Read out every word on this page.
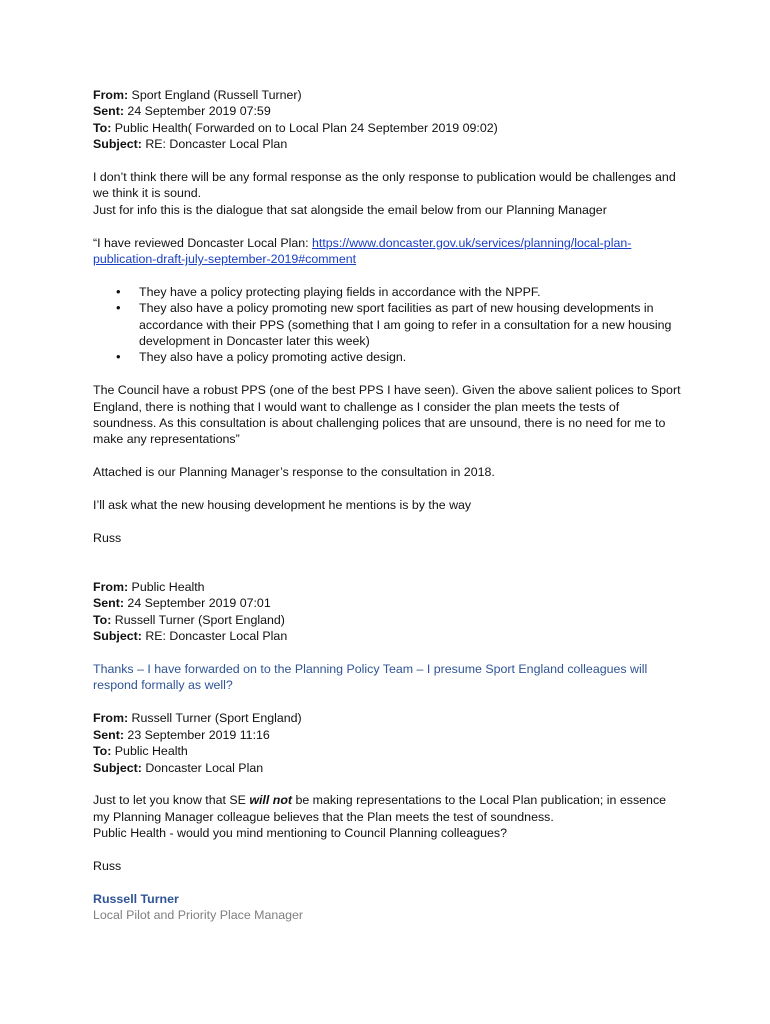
From: Sport England (Russell Turner)
Sent: 24 September 2019 07:59
To: Public Health( Forwarded on to Local Plan 24 September 2019 09:02)
Subject: RE: Doncaster Local Plan

I don’t think there will be any formal response as the only response to publication would be challenges and we think it is sound.

Just for info this is the dialogue that sat alongside the email below from our Planning Manager

“I have reviewed Doncaster Local Plan: https://www.doncaster.gov.uk/services/planning/local-plan-publication-draft-july-september-2019#comment

• They have a policy protecting playing fields in accordance with the NPPF.
• They also have a policy promoting new sport facilities as part of new housing developments in accordance with their PPS (something that I am going to refer in a consultation for a new housing development in Doncaster later this week)
• They also have a policy promoting active design.

The Council have a robust PPS (one of the best PPS I have seen). Given the above salient polices to Sport England, there is nothing that I would want to challenge as I consider the plan meets the tests of soundness. As this consultation is about challenging polices that are unsound, there is no need for me to make any representations”

Attached is our Planning Manager’s response to the consultation in 2018.

I’ll ask what the new housing development he mentions is by the way

Russ

From: Public Health
Sent: 24 September 2019 07:01
To: Russell Turner (Sport England)
Subject: RE: Doncaster Local Plan

Thanks – I have forwarded on to the Planning Policy Team – I presume Sport England colleagues will respond formally as well?

From: Russell Turner (Sport England)
Sent: 23 September 2019 11:16
To: Public Health
Subject: Doncaster Local Plan

Just to let you know that SE will not be making representations to the Local Plan publication; in essence my Planning Manager colleague believes that the Plan meets the test of soundness.

Public Health - would you mind mentioning to Council Planning colleagues?

Russ

Russell Turner
Local Pilot and Priority Place Manager
